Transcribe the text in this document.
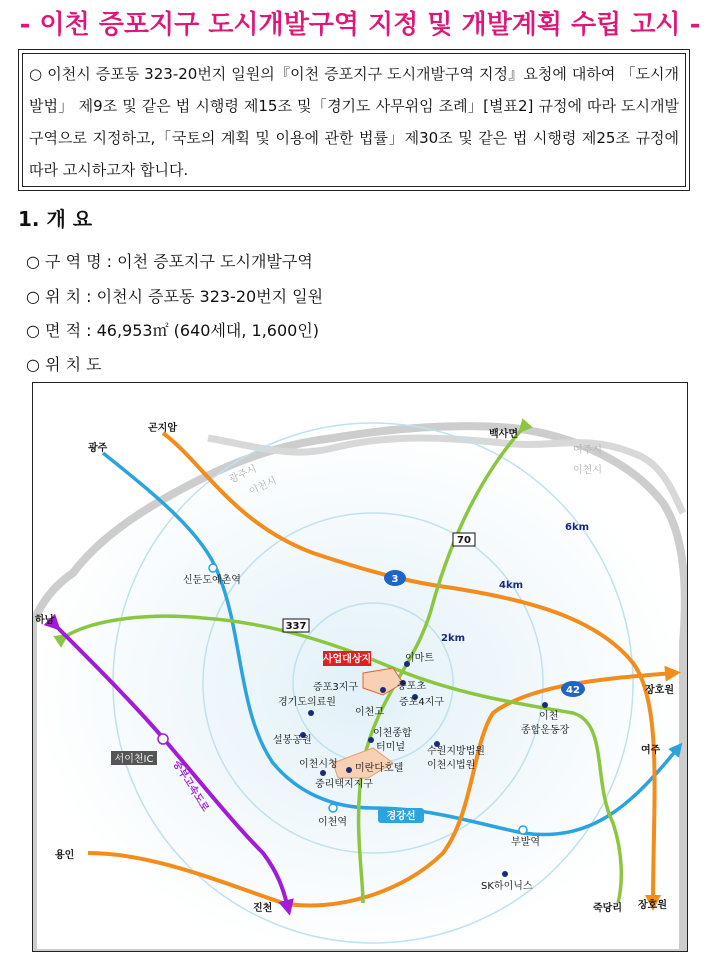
- 이천 증포지구 도시개발구역 지정 및 개발계획 수립 고시 -
○ 이천시 증포동 323-20번지 일원의『이천 증포지구 도시개발구역 지정』요청에 대하여 「도시개발법」 제9조 및 같은 법 시행령 제15조 및「경기도 사무위임 조례」[별표2] 규정에 따라 도시개발구역으로 지정하고,「국토의 계획 및 이용에 관한 법률」제30조 및 같은 법 시행령 제25조 규정에 따라 고시하고자 합니다.
1. 개 요
○ 구 역 명 : 이천 증포지구 도시개발구역
○ 위 치 : 이천시 증포동 323-20번지 일원
○ 면 적 : 46,953㎡ (640세대, 1,600인)
○ 위 치 도
3
42
70
337
경강선
곤지암
광주
백사면
여주시
이천시
광주시
이천시
6km
4km
2km
신둔도예촌역
하남
서이천IC 중부고속도로
용인
진천
장호원
여주
죽당리 장호원
SK하이닉스
이천역
부발역
사업대상지	이마트
증포3지구	증포초
증포4지구
이천고
경기도의료원
설봉공원
이천종합
터미널 수원지방법원
이천시법원
이천시청 미란다호텔
중리택지지구
이천
종합운동장
